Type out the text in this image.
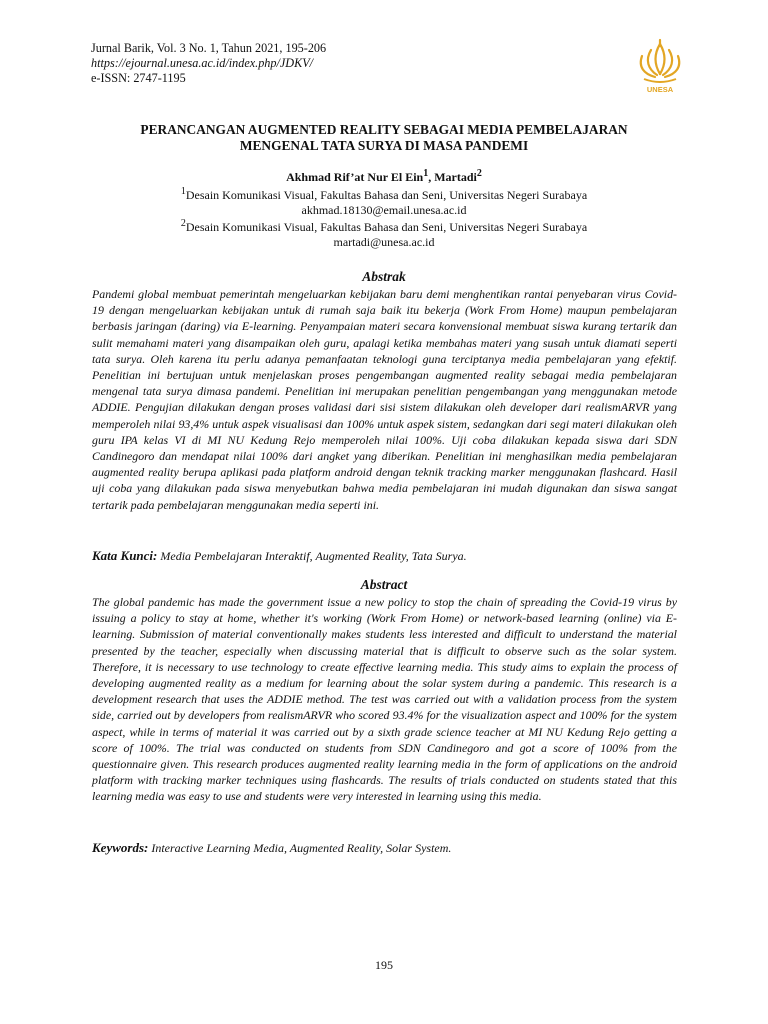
Jurnal Barik, Vol. 3 No. 1, Tahun 2021, 195-206
https://ejournal.unesa.ac.id/index.php/JDKV/
e-ISSN: 2747-1195
UNESA
PERANCANGAN AUGMENTED REALITY SEBAGAI MEDIA PEMBELAJARAN
MENGENAL TATA SURYA DI MASA PANDEMI
Akhmad Rif’at Nur El Ein$^1$, Martadi$^2$
$^1$Desain Komunikasi Visual, Fakultas Bahasa dan Seni, Universitas Negeri Surabaya
akhmad.18130@email.unesa.ac.id
$^2$Desain Komunikasi Visual, Fakultas Bahasa dan Seni, Universitas Negeri Surabaya
martadi@unesa.ac.id
Abstrak

Pandemi global membuat pemerintah mengeluarkan kebijakan baru demi menghentikan rantai penyebaran virus Covid-19 dengan mengeluarkan kebijakan untuk di rumah saja baik itu bekerja (Work From Home) maupun pembelajaran berbasis jaringan (daring) via E-learning. Penyampaian materi secara konvensional membuat siswa kurang tertarik dan sulit memahami materi yang disampaikan oleh guru, apalagi ketika membahas materi yang susah untuk diamati seperti tata surya. Oleh karena itu perlu adanya pemanfaatan teknologi guna terciptanya media pembelajaran yang efektif. Penelitian ini bertujuan untuk menjelaskan proses pengembangan augmented reality sebagai media pembelajaran mengenal tata surya dimasa pandemi. Penelitian ini merupakan penelitian pengembangan yang menggunakan metode ADDIE. Pengujian dilakukan dengan proses validasi dari sisi sistem dilakukan oleh developer dari realismARVR yang memperoleh nilai 93,4% untuk aspek visualisasi dan 100% untuk aspek sistem, sedangkan dari segi materi dilakukan oleh guru IPA kelas VI di MI NU Kedung Rejo memperoleh nilai 100%. Uji coba dilakukan kepada siswa dari SDN Candinegoro dan mendapat nilai 100% dari angket yang diberikan. Penelitian ini menghasilkan media pembelajaran augmented reality berupa aplikasi pada platform android dengan teknik tracking marker menggunakan flashcard. Hasil uji coba yang dilakukan pada siswa menyebutkan bahwa media pembelajaran ini mudah digunakan dan siswa sangat tertarik pada pembelajaran menggunakan media seperti ini.

Kata Kunci: Media Pembelajaran Interaktif, Augmented Reality, Tata Surya.
Abstract

The global pandemic has made the government issue a new policy to stop the chain of spreading the Covid-19 virus by issuing a policy to stay at home, whether it's working (Work From Home) or network-based learning (online) via E-learning. Submission of material conventionally makes students less interested and difficult to understand the material presented by the teacher, especially when discussing material that is difficult to observe such as the solar system. Therefore, it is necessary to use technology to create effective learning media. This study aims to explain the process of developing augmented reality as a medium for learning about the solar system during a pandemic. This research is a development research that uses the ADDIE method. The test was carried out with a validation process from the system side, carried out by developers from realismARVR who scored 93.4% for the visualization aspect and 100% for the system aspect, while in terms of material it was carried out by a sixth grade science teacher at MI NU Kedung Rejo getting a score of 100%. The trial was conducted on students from SDN Candinegoro and got a score of 100% from the questionnaire given. This research produces augmented reality learning media in the form of applications on the android platform with tracking marker techniques using flashcards. The results of trials conducted on students stated that this learning media was easy to use and students were very interested in learning using this media.

Keywords: Interactive Learning Media, Augmented Reality, Solar System.
195
